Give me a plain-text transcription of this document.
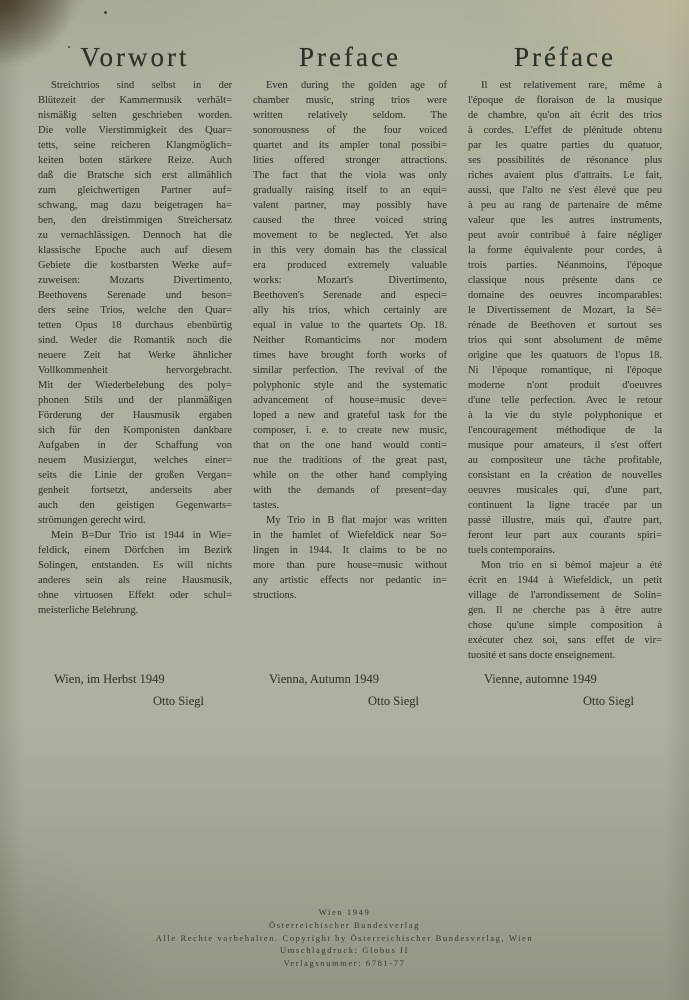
Vorwort
Streichtrios sind selbst in der
Blütezeit der Kammermusik verhält=
nismäßig selten geschrieben worden.
Die volle Vierstimmigkeit des Quar=
tetts, seine reicheren Klangmöglich=
keiten boten stärkere Reize. Auch
daß die Bratsche sich erst allmählich
zum gleichwertigen Partner auf=
schwang, mag dazu beigetragen ha=
ben, den dreistimmigen Streichersatz
zu vernachlässigen. Dennoch hat die
klassische Epoche auch auf diesem
Gebiete die kostbarsten Werke auf=
zuweisen: Mozarts Divertimento,
Beethovens Serenade und beson=
ders seine Trios, welche den Quar=
tetten Opus 18 durchaus ebenbürtig
sind. Weder die Romantik noch die
neuere Zeit hat Werke ähnlicher
Vollkommenheit hervorgebracht.
Mit der Wiederbelebung des poly=
phonen Stils und der planmäßigen
Förderung der Hausmusik ergaben
sich für den Komponisten dankbare
Aufgaben in der Schaffung von
neuem Musiziergut, welches einer=
seits die Linie der großen Vergan=
genheit fortsetzt, anderseits aber
auch den geistigen Gegenwarts=
strömungen gerecht wird.
Mein B=Dur Trio ist 1944 in Wie=
feldick, einem Dörfchen im Bezirk
Solingen, entstanden. Es will nichts
anderes sein als reine Hausmusik,
ohne virtuosen Effekt oder schul=
meisterliche Belehrung.
Wien, im Herbst 1949
Otto Siegl
Preface
Even during the golden age of
chamber music, string trios were
written relatively seldom. The
sonorousness of the four voiced
quartet and its ampler tonal possibi=
lities offered stronger attractions.
The fact that the viola was only
gradually raising itself to an equi=
valent partner, may possibly have
caused the three voiced string
movement to be neglected. Yet also
in this very domain has the classical
era produced extremely valuable
works: Mozart's Divertimento,
Beethoven's Serenade and especi=
ally his trios, which certainly are
equal in value to the quartets Op. 18.
Neither Romanticims nor modern
times have brought forth works of
similar perfection. The revival of the
polyphonic style and the systematic
advancement of house=music deve=
loped a new and grateful task for the
composer, i. e. to create new music,
that on the one hand would conti=
nue the traditions of the great past,
while on the other hand complying
with the demands of present=day
tastes.
My Trio in B flat major was written
in the hamlet of Wiefeldick near So=
lingen in 1944. It claims to be no
more than pure house=music without
any artistic effects nor pedantic in=
structions.
Vienna, Autumn 1949
Otto Siegl
Préface
Il est relativement rare, même à
l'époque de floraison de la musique
de chambre, qu'on ait écrit des trios
à cordes. L'effet de plénitude obtenu
par les quatre parties du quatuor,
ses possibilités de résonance plus
riches avaient plus d'attraits. Le fait,
aussi, que l'alto ne s'est élevé que peu
à peu au rang de partenaire de même
valeur que les autres instruments,
peut avoir contribué à faire négliger
la forme équivalente pour cordes, à
trois parties. Néanmoins, l'époque
classique nous présente dans ce
domaine des oeuvres incomparables:
le Divertissement de Mozart, la Sé=
rénade de Beethoven et surtout ses
trios qui sont absolument de même
origine que les quatuors de l'opus 18.
Ni l'époque romantique, ni l'époque
moderne n'ont produit d'oeuvres
d'une telle perfection. Avec le retour
à la vie du style polyphonique et
l'encouragement méthodique de la
musique pour amateurs, il s'est offert
au compositeur une tâche profitable,
consistant en la création de nouvelles
oeuvres musicales qui, d'une part,
continuent la ligne tracée par un
passé illustre, mais qui, d'autre part,
feront leur part aux courants spiri=
tuels contemporains.
Mon trio en si bémol majeur a été
écrit en 1944 à Wiefeldick, un petit
village de l'arrondissement de Solin=
gen. Il ne cherche pas à être autre
chose qu'une simple composition à
exécuter chez soi, sans effet de vir=
tuosité et sans docte enseignement.
Vienne, automne 1949
Otto Siegl
Wien 1949
Österreichischer Bundesverlag
Alle Rechte vorbehalten. Copyright by Österreichischer Bundesverlag, Wien
Umschlagdruck: Globus II
Verlagsnummer: 6781-77
